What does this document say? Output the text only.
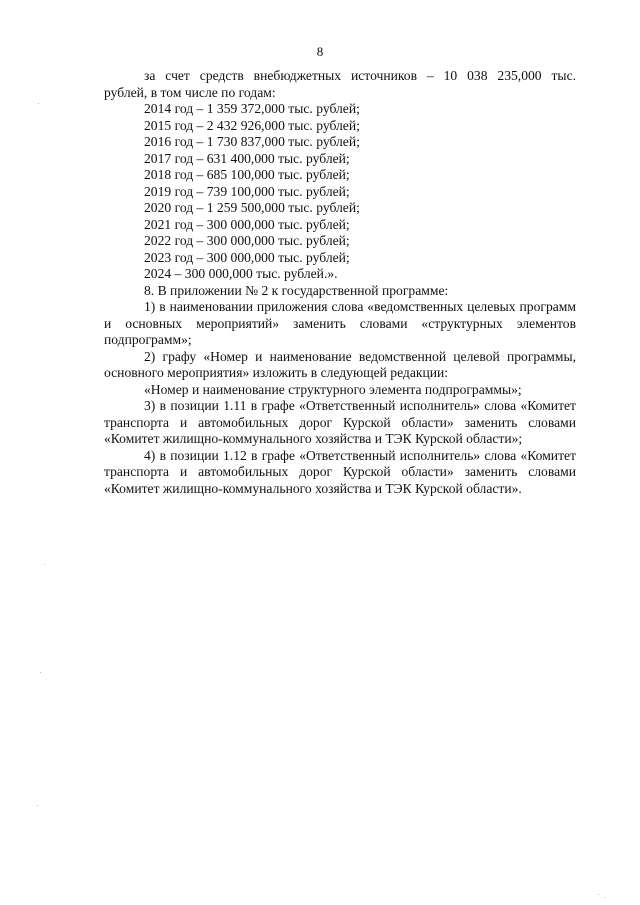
8

за счет средств внебюджетных источников – 10 038 235,000 тыс.

рублей, в том числе по годам:

2014 год – 1 359 372,000 тыс. рублей;

2015 год – 2 432 926,000 тыс. рублей;

2016 год – 1 730 837,000 тыс. рублей;

2017 год – 631 400,000 тыс. рублей;

2018 год – 685 100,000 тыс. рублей;

2019 год – 739 100,000 тыс. рублей;

2020 год – 1 259 500,000 тыс. рублей;

2021 год – 300 000,000 тыс. рублей;

2022 год – 300 000,000 тыс. рублей;

2023 год – 300 000,000 тыс. рублей;

2024 – 300 000,000 тыс. рублей.».

8. В приложении № 2 к государственной программе:

1) в наименовании приложения слова «ведомственных целевых программ и основных мероприятий» заменить словами «структурных элементов подпрограмм»;

2) графу «Номер и наименование ведомственной целевой программы, основного мероприятия» изложить в следующей редакции:

«Номер и наименование структурного элемента подпрограммы»;

3) в позиции 1.11 в графе «Ответственный исполнитель» слова «Комитет транспорта и автомобильных дорог Курской области» заменить словами «Комитет жилищно-коммунального хозяйства и ТЭК Курской области»;

4) в позиции 1.12 в графе «Ответственный исполнитель» слова «Комитет транспорта и автомобильных дорог Курской области» заменить словами «Комитет жилищно-коммунального хозяйства и ТЭК Курской области».
